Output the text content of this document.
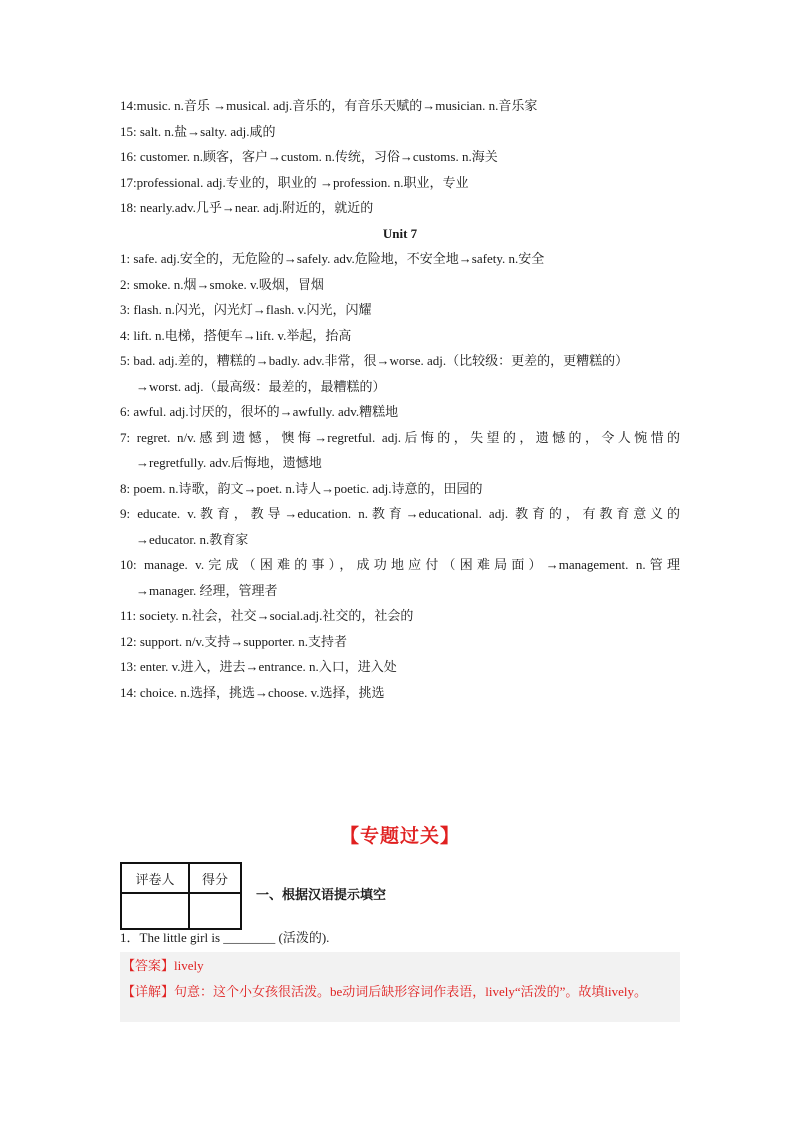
14:music. n.音乐 →musical. adj.音乐的，有音乐天赋的→musician. n.音乐家
15: salt. n.盐→salty. adj.咸的
16: customer. n.顾客，客户→custom. n.传统，习俗→customs. n.海关
17:professional. adj.专业的，职业的 →profession. n.职业，专业
18: nearly.adv.几乎→near. adj.附近的，就近的
Unit 7
1: safe. adj.安全的，无危险的→safely. adv.危险地，不安全地→safety. n.安全
2: smoke. n.烟→smoke. v.吸烟，冒烟
3: flash. n.闪光，闪光灯→flash. v.闪光，闪耀
4: lift. n.电梯，搭便车→lift. v.举起，抬高
5: bad. adj.差的，糟糕的→badly. adv.非常，很→worse. adj.（比较级：更差的，更糟糕的）
→worst. adj.（最高级：最差的，最糟糕的）
6: awful. adj.讨厌的，很坏的→awfully. adv.糟糕地
7: regret. n/v.感到遗憾，懊悔→regretful. adj.后悔的，失望的，遗憾的，令人惋惜的
→regretfully. adv.后悔地，遗憾地
8: poem. n.诗歌，韵文→poet. n.诗人→poetic. adj.诗意的，田园的
9: educate. v.教育，教导→education. n.教育→educational. adj. 教育的，有教育意义的
→educator. n.教育家
10: manage. v.完成（困难的事），成功地应付（困难局面）→management. n.管理
→manager. 经理，管理者
11: society. n.社会，社交→social.adj.社交的，社会的
12: support. n/v.支持→supporter. n.支持者
13: enter. v.进入，进去→entrance. n.入口，进入处
14: choice. n.选择，挑选→choose. v.选择，挑选
【专题过关】
评卷人	得分

一、根据汉语提示填空
1．The little girl is ________ (活泼的).
【答案】lively
【详解】句意：这个小女孩很活泼。be动词后缺形容词作表语，lively“活泼的”。故填lively。
